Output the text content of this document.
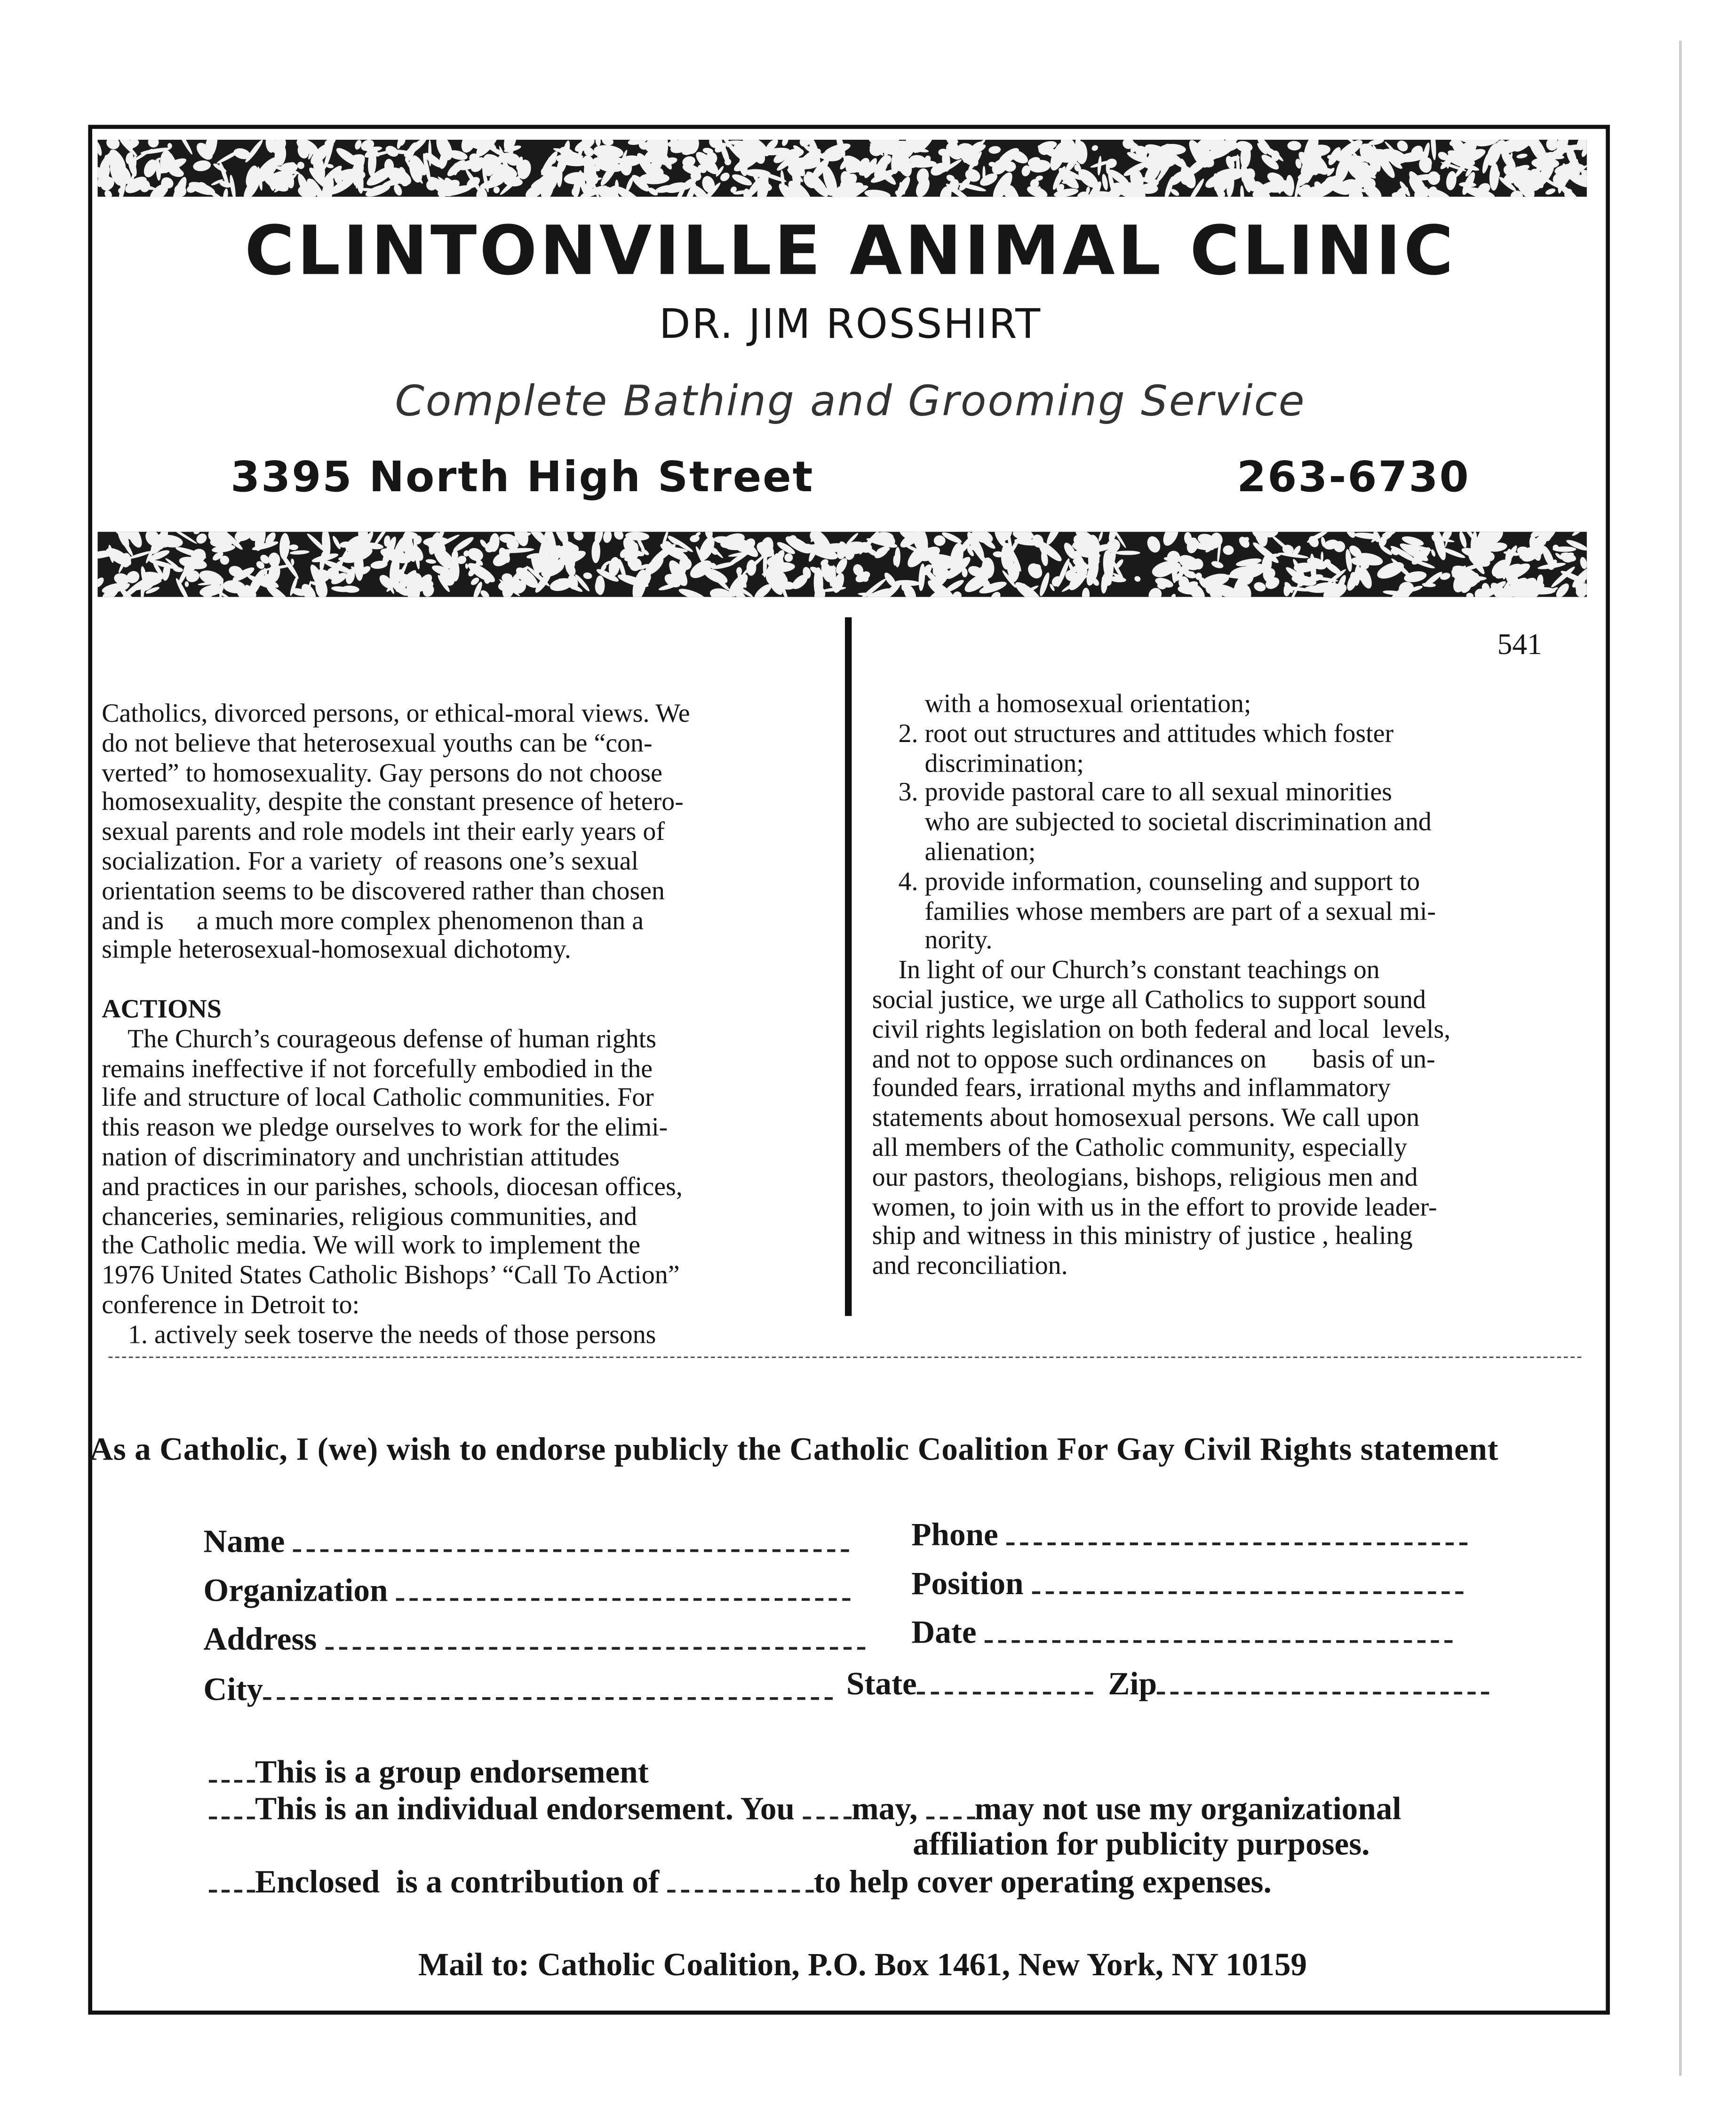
CLINTONVILLE ANIMAL CLINIC
DR. JIM ROSSHIRT
Complete Bathing and Grooming Service
3395 North High Street	263-6730
541
Catholics, divorced persons, or ethical-moral views. We
do not believe that heterosexual youths can be “con-
verted” to homosexuality. Gay persons do not choose
homosexuality, despite the constant presence of hetero-
sexual parents and role models int their early years of
socialization. For a variety  of reasons one’s sexual
orientation seems to be discovered rather than chosen
and is     a much more complex phenomenon than a
simple heterosexual-homosexual dichotomy.
ACTIONS
The Church’s courageous defense of human rights
remains ineffective if not forcefully embodied in the
life and structure of local Catholic communities. For
this reason we pledge ourselves to work for the elimi-
nation of discriminatory and unchristian attitudes
and practices in our parishes, schools, diocesan offices,
chanceries, seminaries, religious communities, and
the Catholic media. We will work to implement the
1976 United States Catholic Bishops’ “Call To Action”
conference in Detroit to:
1. actively seek toserve the needs of those persons
with a homosexual orientation;
2. root out structures and attitudes which foster
discrimination;
3. provide pastoral care to all sexual minorities
who are subjected to societal discrimination and
alienation;
4. provide information, counseling and support to
families whose members are part of a sexual mi-
nority.
In light of our Church’s constant teachings on
social justice, we urge all Catholics to support sound
civil rights legislation on both federal and local  levels,
and not to oppose such ordinances on       basis of un-
founded fears, irrational myths and inflammatory
statements about homosexual persons. We call upon
all members of the Catholic community, especially
our pastors, theologians, bishops, religious men and
women, to join with us in the effort to provide leader-
ship and witness in this ministry of justice , healing
and reconciliation.
As a Catholic, I (we) wish to endorse publicly the Catholic Coalition For Gay Civil Rights statement
Name	Phone
Organization	Position
Address	Date
City	State	Zip
This is a group endorsement
This is an individual endorsement. You	may,	may not use my organizational
affiliation for publicity purposes.
Enclosed  is a contribution of	to help cover operating expenses.
Mail to: Catholic Coalition, P.O. Box 1461, New York, NY 10159
